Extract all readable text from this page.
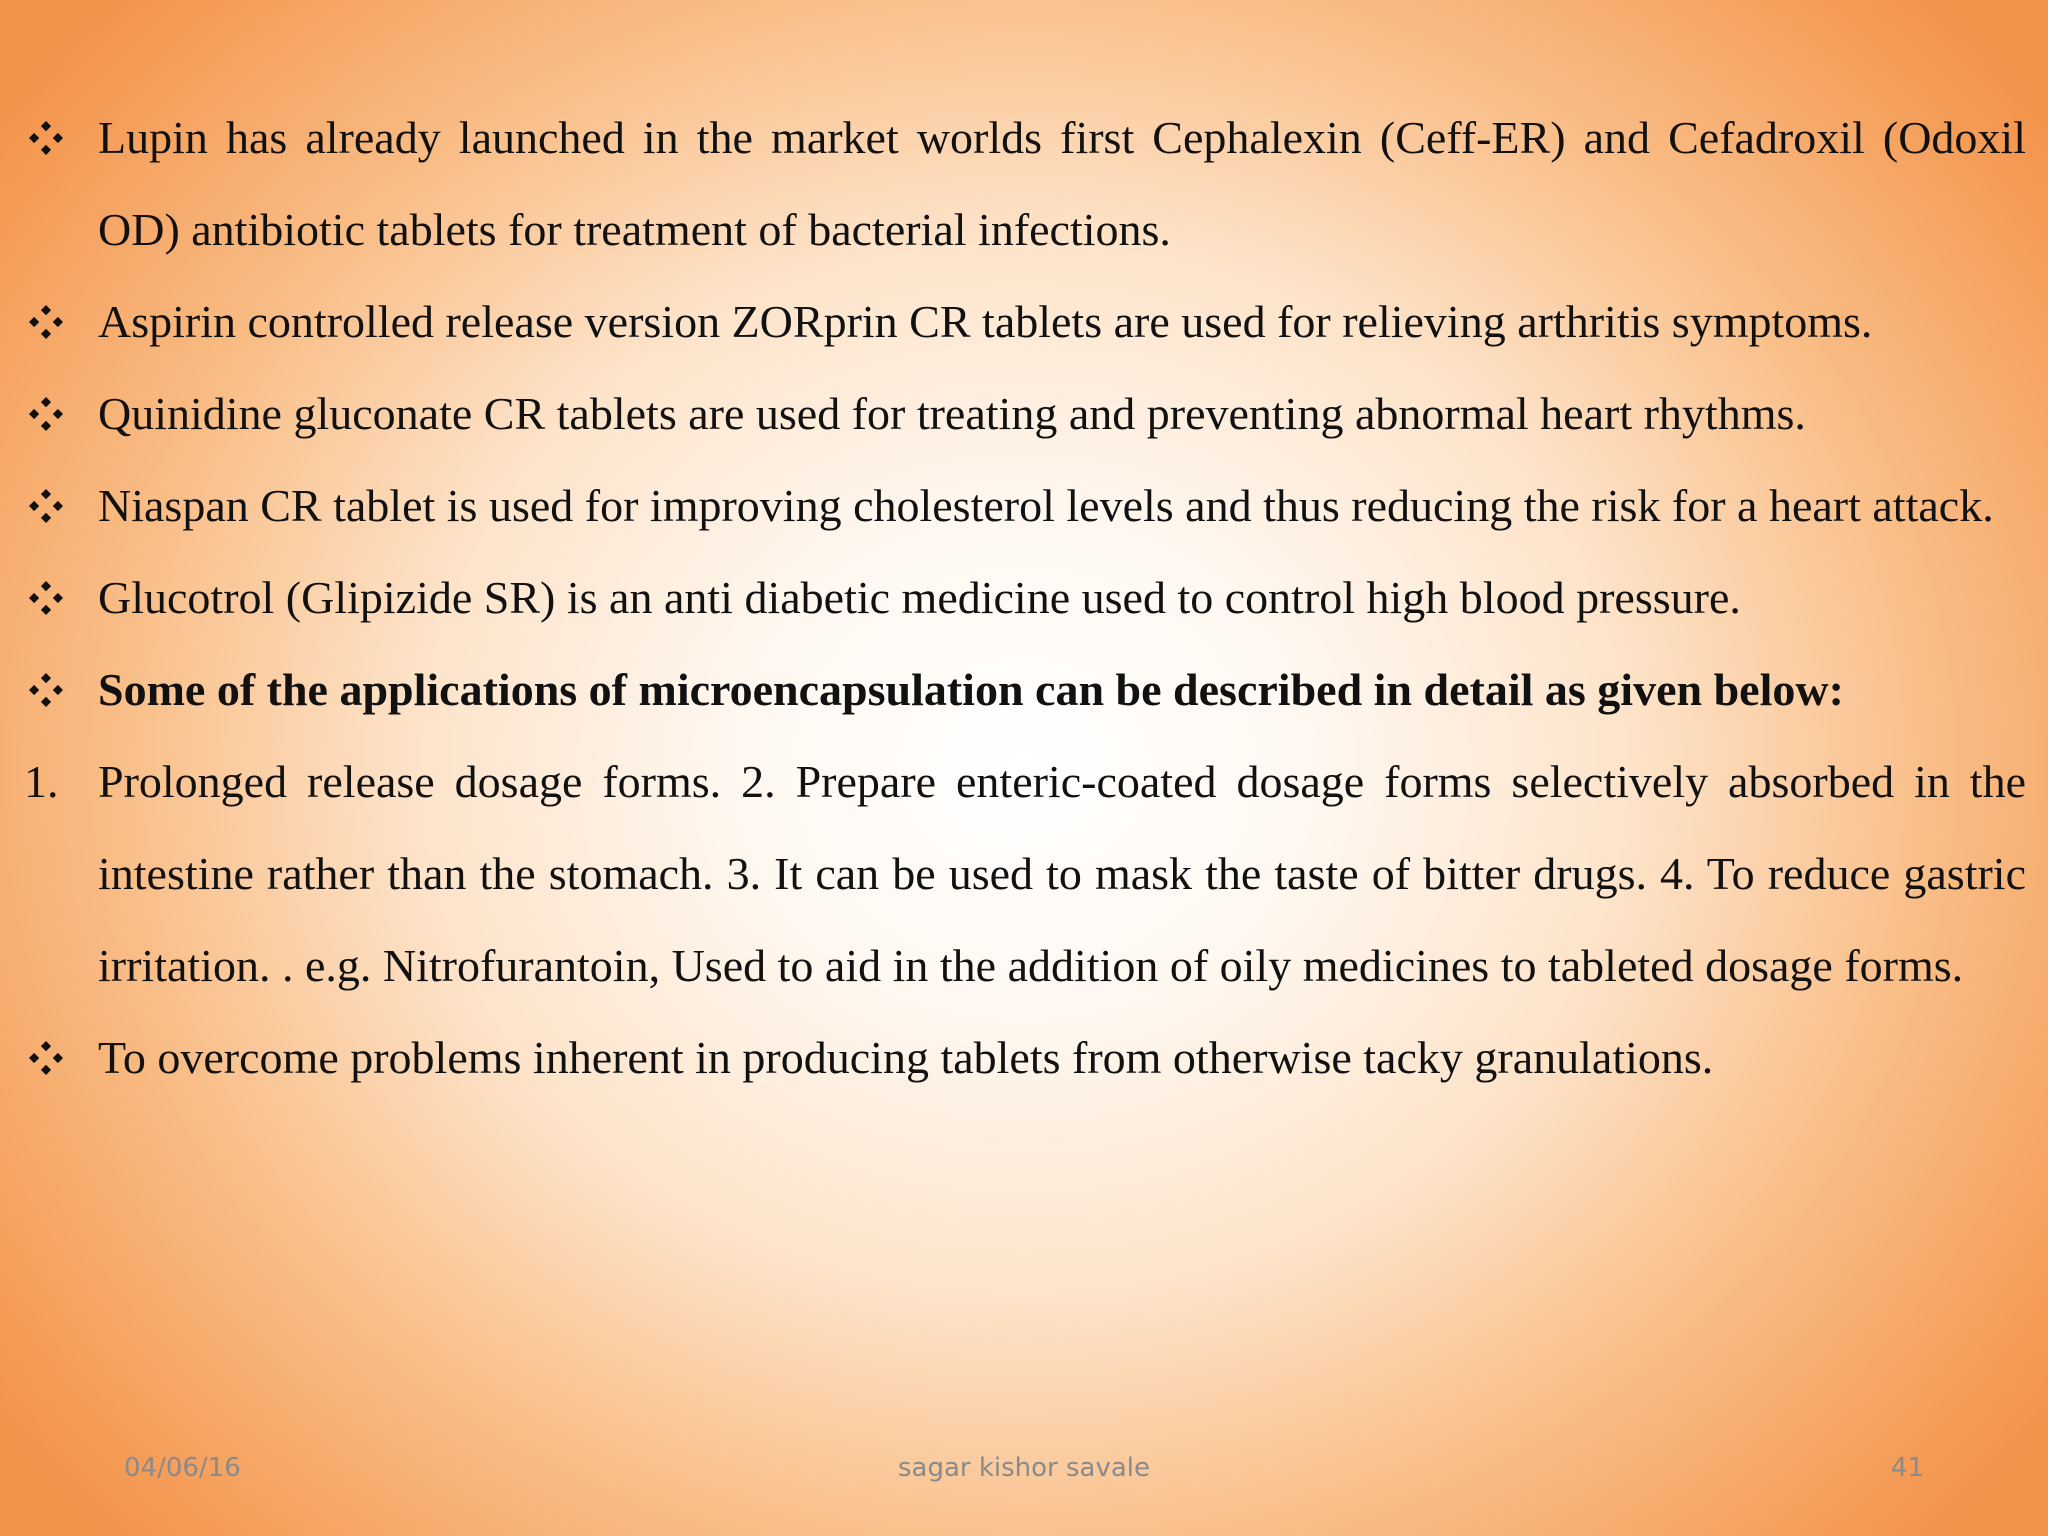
Lupin has already launched in the market worlds first Cephalexin (Ceff-ER) and Cefadroxil (Odoxil OD) antibiotic tablets for treatment of bacterial infections.
Aspirin controlled release version ZORprin CR tablets are used for relieving arthritis symptoms.
Quinidine gluconate CR tablets are used for treating and preventing abnormal heart rhythms.
Niaspan CR tablet is used for improving cholesterol levels and thus reducing the risk for a heart attack.
Glucotrol (Glipizide SR) is an anti diabetic medicine used to control high blood pressure.
Some of the applications of microencapsulation can be described in detail as given below:
1. Prolonged release dosage forms. 2. Prepare enteric-coated dosage forms selectively absorbed in the intestine rather than the stomach. 3. It can be used to mask the taste of bitter drugs. 4. To reduce gastric irritation. . e.g. Nitrofurantoin, Used to aid in the addition of oily medicines to tableted dosage forms.
To overcome problems inherent in producing tablets from otherwise tacky granulations.
04/06/16	sagar kishor savale	41
